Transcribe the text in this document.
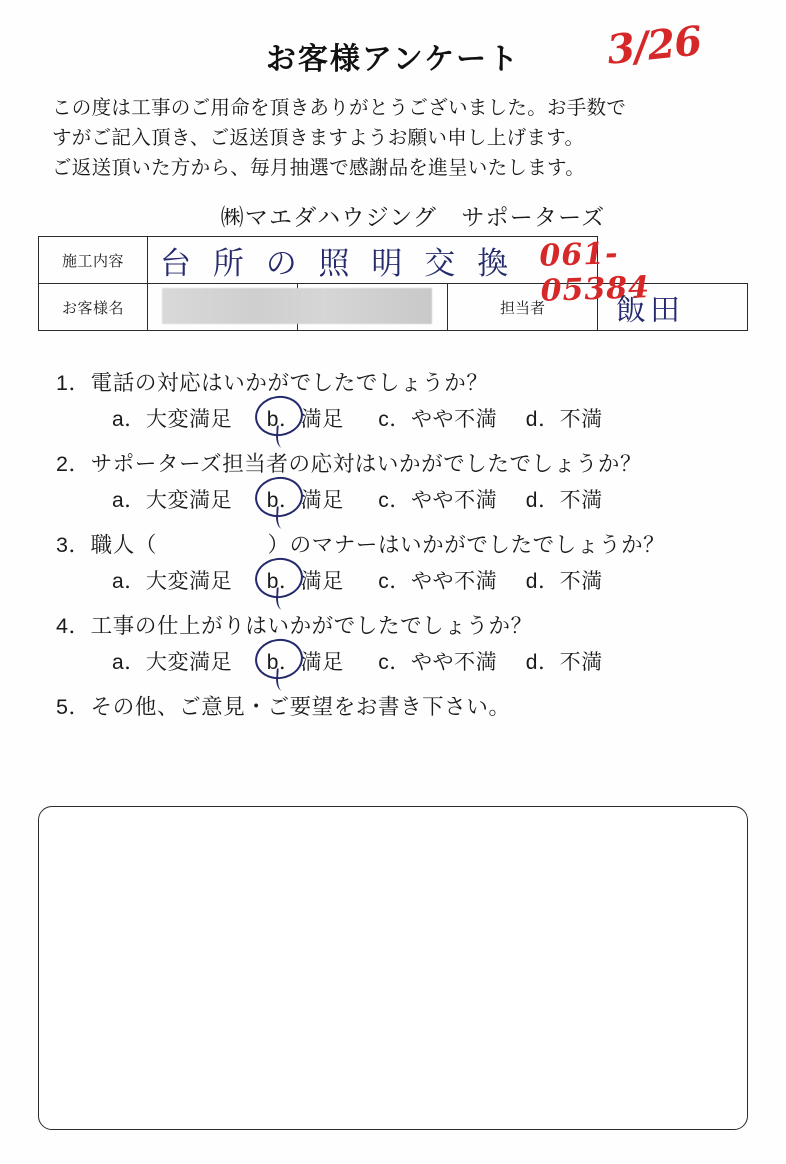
お客様アンケート	3/26
この度は工事のご用命を頂きありがとうございました。お手数で
すがご記入頂き、ご返送頂きますようお願い申し上げます。
ご返送頂いた方から、毎月抽選で感謝品を進呈いたします。
㈱マエダハウジング　サポーターズ
施工内容	台 所 の 照 明 交 換 061-05384			

お客様名			担当者	飯田
1．電話の対応はいかがでしたでしょうか？
a．大変満足 b．満足 c．やや不満 d．不満
2．サポーターズ担当者の応対はいかがでしたでしょうか？
a．大変満足 b．満足 c．やや不満 d．不満
3．職人（　　　　　）のマナーはいかがでしたでしょうか？
a．大変満足 b．満足 c．やや不満 d．不満
4．工事の仕上がりはいかがでしたでしょうか？
a．大変満足 b．満足 c．やや不満 d．不満
5．その他、ご意見・ご要望をお書き下さい。
